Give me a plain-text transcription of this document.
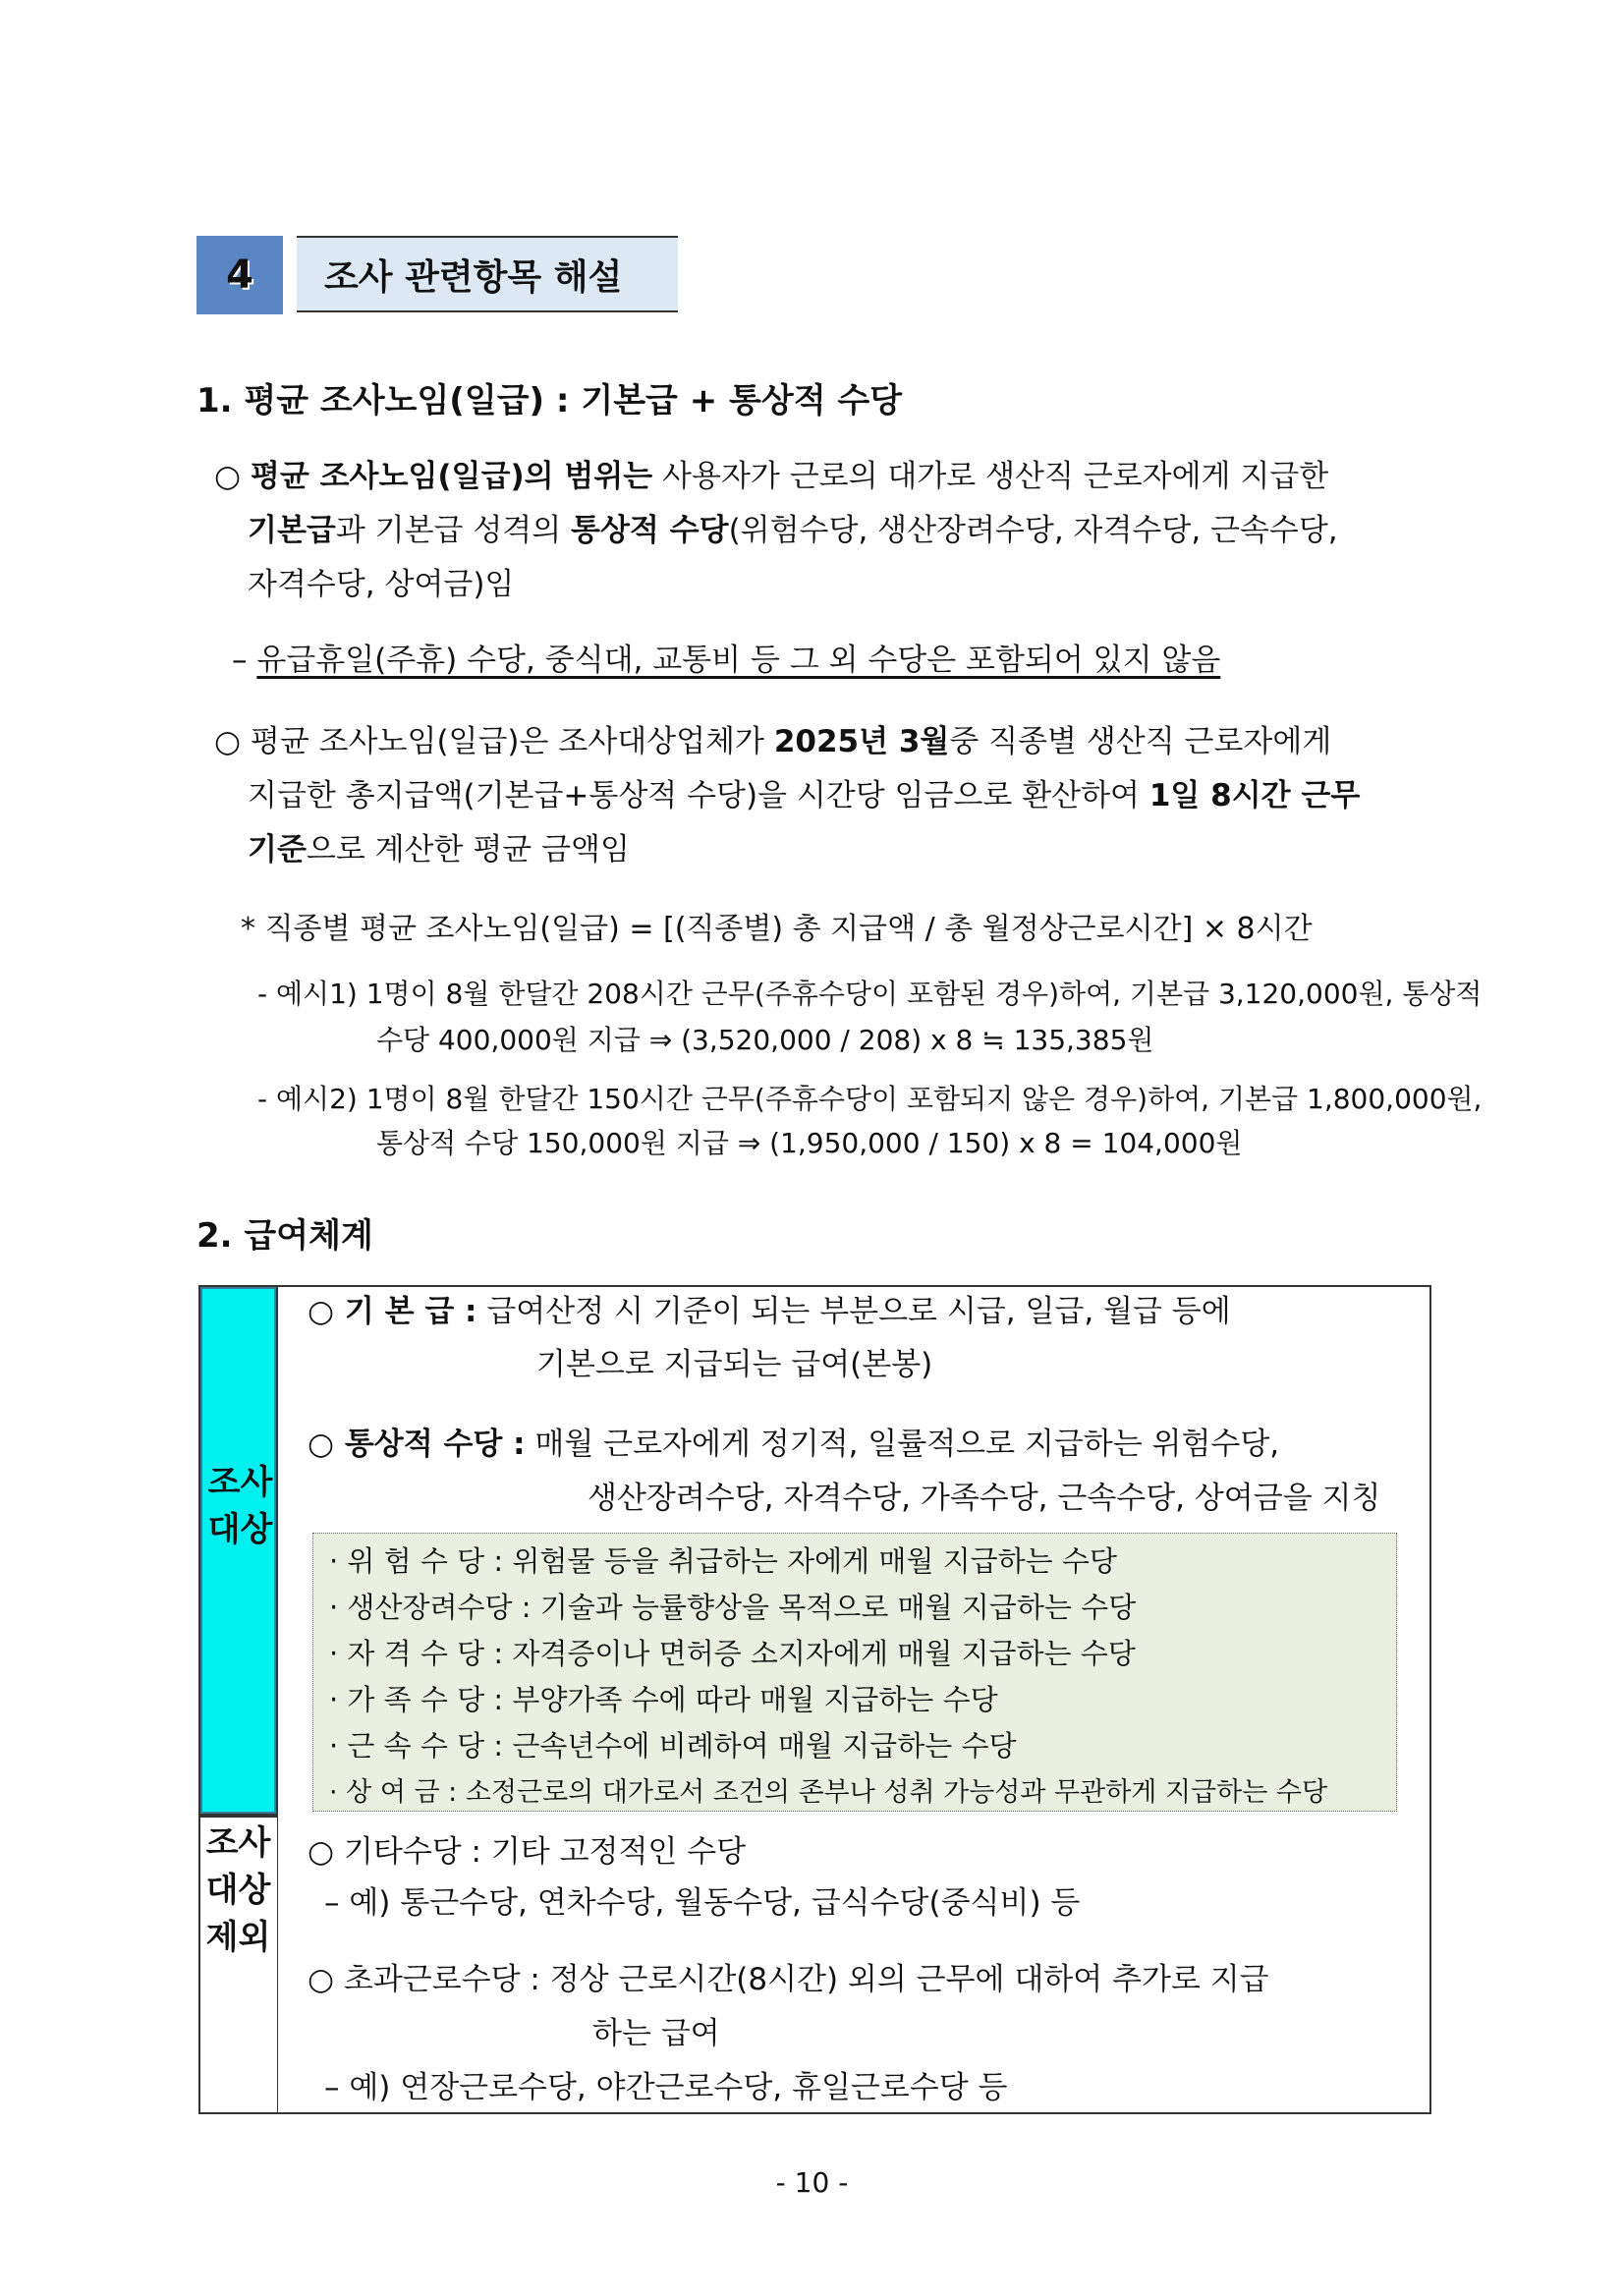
4	조사 관련항목 해설
1. 평균 조사노임(일급) : 기본급 + 통상적 수당
○ 평균 조사노임(일급)의 범위는 사용자가 근로의 대가로 생산직 근로자에게 지급한
기본급과 기본급 성격의 통상적 수당(위험수당, 생산장려수당, 자격수당, 근속수당,
자격수당, 상여금)임
– 유급휴일(주휴) 수당, 중식대, 교통비 등 그 외 수당은 포함되어 있지 않음
○ 평균 조사노임(일급)은 조사대상업체가 2025년 3월중 직종별 생산직 근로자에게
지급한 총지급액(기본급+통상적 수당)을 시간당 임금으로 환산하여 1일 8시간 근무
기준으로 계산한 평균 금액임
* 직종별 평균 조사노임(일급) = [(직종별) 총 지급액 / 총 월정상근로시간] × 8시간
- 예시1) 1명이 8월 한달간 208시간 근무(주휴수당이 포함된 경우)하여, 기본급 3,120,000원, 통상적
수당 400,000원 지급 ⇒ (3,520,000 / 208) x 8 ≒ 135,385원
- 예시2) 1명이 8월 한달간 150시간 근무(주휴수당이 포함되지 않은 경우)하여, 기본급 1,800,000원,
통상적 수당 150,000원 지급 ⇒ (1,950,000 / 150) x 8 = 104,000원
2. 급여체계
조사대상
조사대상제외
○ 기 본 급 : 급여산정 시 기준이 되는 부분으로 시급, 일급, 월급 등에
기본으로 지급되는 급여(본봉)
○ 통상적 수당 : 매월 근로자에게 정기적, 일률적으로 지급하는 위험수당,
생산장려수당, 자격수당, 가족수당, 근속수당, 상여금을 지칭
· 위 험 수 당 : 위험물 등을 취급하는 자에게 매월 지급하는 수당
· 생산장려수당 : 기술과 능률향상을 목적으로 매월 지급하는 수당
· 자 격 수 당 : 자격증이나 면허증 소지자에게 매월 지급하는 수당
· 가 족 수 당 : 부양가족 수에 따라 매월 지급하는 수당
· 근 속 수 당 : 근속년수에 비례하여 매월 지급하는 수당
· 상 여 금 : 소정근로의 대가로서 조건의 존부나 성취 가능성과 무관하게 지급하는 수당
○ 기타수당 : 기타 고정적인 수당
– 예) 통근수당, 연차수당, 월동수당, 급식수당(중식비) 등
○ 초과근로수당 : 정상 근로시간(8시간) 외의 근무에 대하여 추가로 지급
하는 급여
– 예) 연장근로수당, 야간근로수당, 휴일근로수당 등
- 10 -
